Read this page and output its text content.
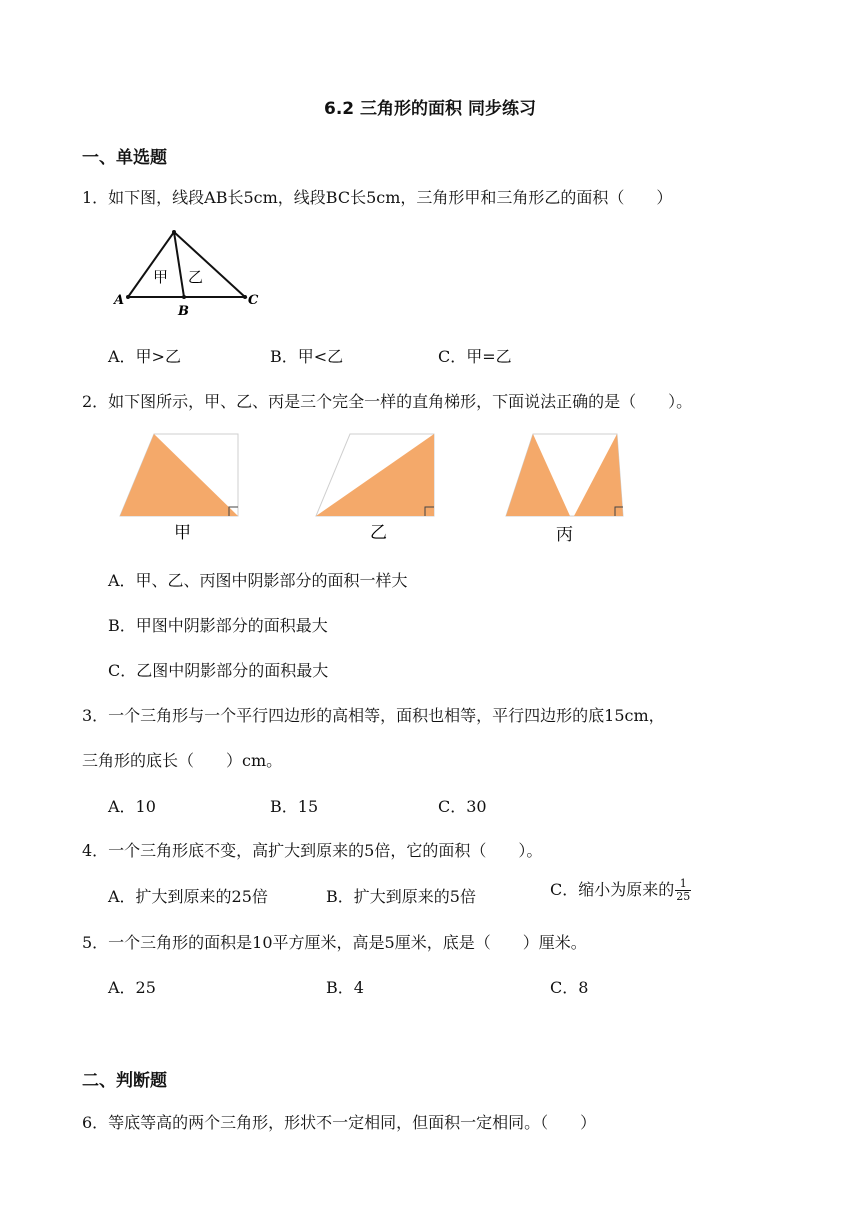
6.2 三角形的面积 同步练习
一、单选题
1．如下图，线段AB长5cm，线段BC长5cm，三角形甲和三角形乙的面积（　　）
A
B
C
甲 乙
A．甲>乙	B．甲<乙	C．甲=乙
2．如下图所示，甲、乙、丙是三个完全一样的直角梯形，下面说法正确的是（　　）。
甲	乙	丙
A．甲、乙、丙图中阴影部分的面积一样大
B．甲图中阴影部分的面积最大
C．乙图中阴影部分的面积最大
3．一个三角形与一个平行四边形的高相等，面积也相等，平行四边形的底15cm，
三角形的底长（　　）cm。
A．10	B．15	C．30
4．一个三角形底不变，高扩大到原来的5倍，它的面积（　　）。
A．扩大到原来的25倍	B．扩大到原来的5倍	C．缩小为原来的 $\frac{1}{25}$
5．一个三角形的面积是10平方厘米，高是5厘米，底是（　　）厘米。
A．25	B．4	C．8
二、判断题
6．等底等高的两个三角形，形状不一定相同，但面积一定相同。（　　）
